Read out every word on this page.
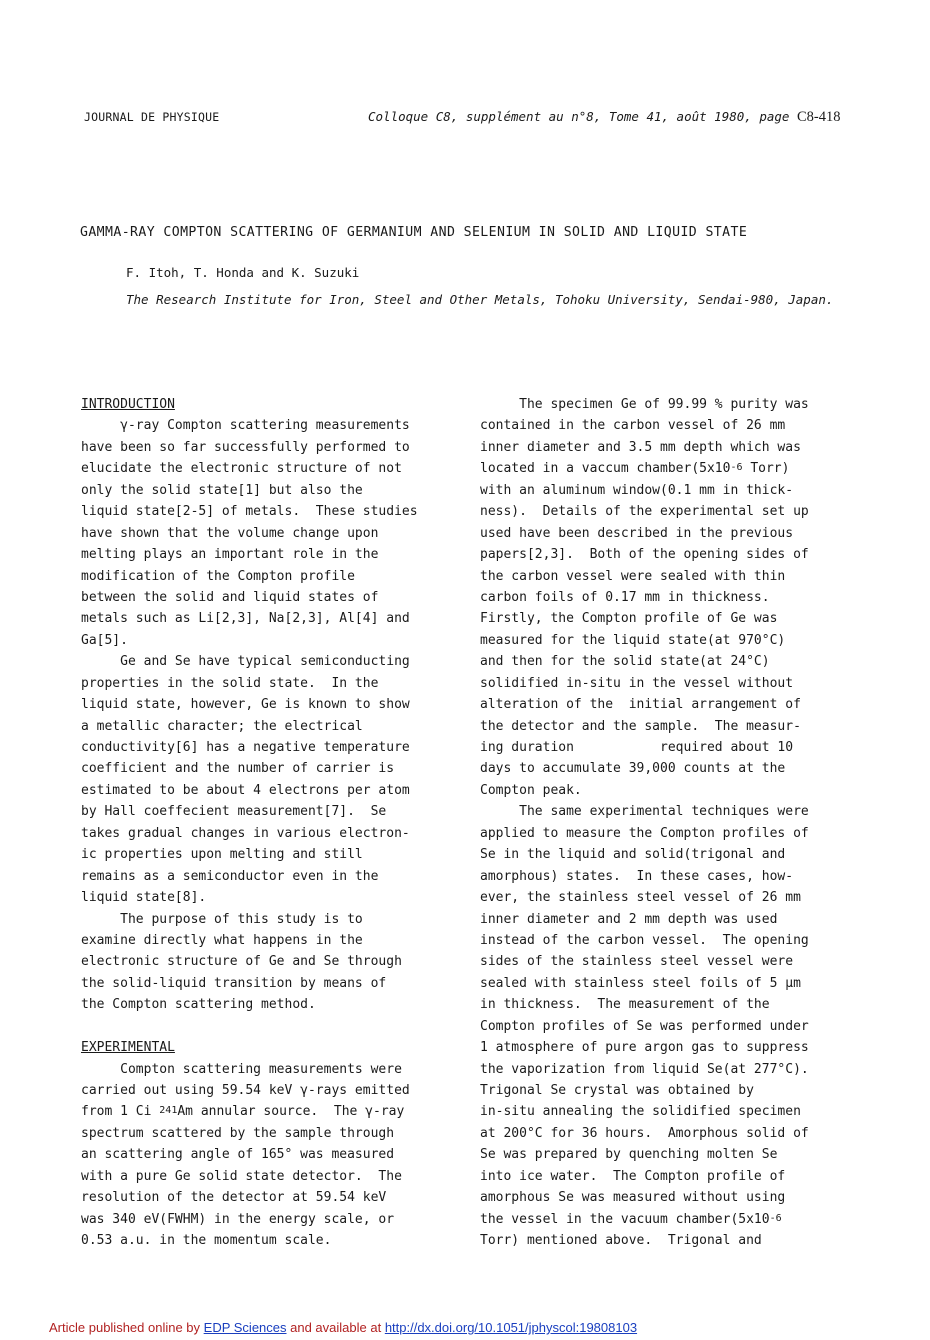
JOURNAL DE PHYSIQUE	Colloque C8, supplément au n°8, Tome 41, août 1980, page C8-418
GAMMA-RAY COMPTON SCATTERING OF GERMANIUM AND SELENIUM IN SOLID AND LIQUID STATE
F. Itoh, T. Honda and K. Suzuki
The Research Institute for Iron, Steel and Other Metals, Tohoku University, Sendai-980, Japan.
INTRODUCTION
γ-ray Compton scattering measurements
have been so far successfully performed to
elucidate the electronic structure of not
only the solid state[1] but also the
liquid state[2-5] of metals.  These studies
have shown that the volume change upon
melting plays an important role in the
modification of the Compton profile
between the solid and liquid states of
metals such as Li[2,3], Na[2,3], Al[4] and
Ga[5].
Ge and Se have typical semiconducting
properties in the solid state.  In the
liquid state, however, Ge is known to show
a metallic character; the electrical
conductivity[6] has a negative temperature
coefficient and the number of carrier is
estimated to be about 4 electrons per atom
by Hall coeffecient measurement[7].  Se
takes gradual changes in various electron-
ic properties upon melting and still
remains as a semiconductor even in the
liquid state[8].
The purpose of this study is to
examine directly what happens in the
electronic structure of Ge and Se through
the solid-liquid transition by means of
the Compton scattering method.
EXPERIMENTAL
Compton scattering measurements were
carried out using 59.54 keV γ-rays emitted
from 1 Ci $^{241}$Am annular source.  The γ-ray
spectrum scattered by the sample through
an scattering angle of 165° was measured
with a pure Ge solid state detector.  The
resolution of the detector at 59.54 keV
was 340 eV(FWHM) in the energy scale, or
0.53 a.u. in the momentum scale.
The specimen Ge of 99.99 % purity was
contained in the carbon vessel of 26 mm
inner diameter and 3.5 mm depth which was
located in a vaccum $chamber(5x10^{-6}$ Torr)
with an aluminum window(0.1 mm in thick-
ness).  Details of the experimental set up
used have been described in the previous
papers[2,3].  Both of the opening sides of
the carbon vessel were sealed with thin
carbon foils of 0.17 mm in thickness.
Firstly, the Compton profile of Ge was
measured for the liquid state(at 970°C)
and then for the solid state(at 24°C)
solidified in-situ in the vessel without
alteration of the  initial arrangement of
the detector and the sample.  The measur-
ing duration           required about 10
days to accumulate 39,000 counts at the
Compton peak.
The same experimental techniques were
applied to measure the Compton profiles of
Se in the liquid and solid(trigonal and
amorphous) states.  In these cases, how-
ever, the stainless steel vessel of 26 mm
inner diameter and 2 mm depth was used
instead of the carbon vessel.  The opening
sides of the stainless steel vessel were
sealed with stainless steel foils of 5 μm
in thickness.  The measurement of the
Compton profiles of Se was performed under
1 atmosphere of pure argon gas to suppress
the vaporization from liquid Se(at 277°C).
Trigonal Se crystal was obtained by
in-situ annealing the solidified specimen
at 200°C for 36 hours.  Amorphous solid of
Se was prepared by quenching molten Se
into ice water.  The Compton profile of
amorphous Se was measured without using
the vessel in the vacuum $chamber(5x10^{-6}$
Torr) mentioned above.  Trigonal and
Article published online by EDP Sciences and available at http://dx.doi.org/10.1051/jphyscol:19808103
